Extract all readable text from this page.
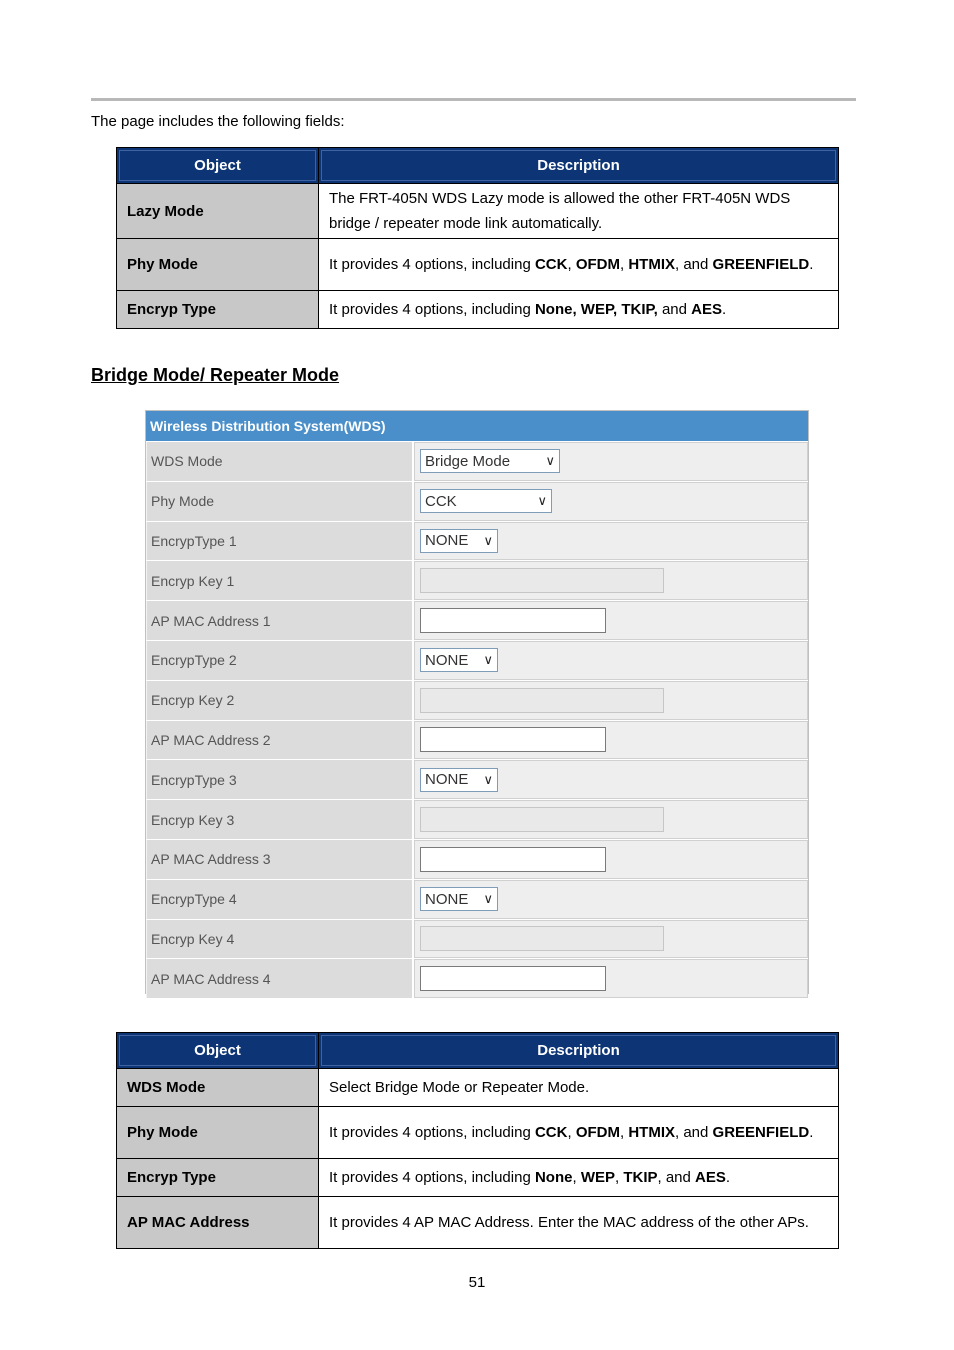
The page includes the following fields:
Object	Description
Lazy Mode	The FRT-405N WDS Lazy mode is allowed the other FRT-405N WDS bridge / repeater mode link automatically.
Phy Mode	It provides 4 options, including CCK, OFDM, HTMIX, and GREENFIELD.
Encryp Type	It provides 4 options, including None, WEP, TKIP, and AES.
Bridge Mode/ Repeater Mode
Wireless Distribution System(WDS)
WDS Mode	Bridge Mode	∨
Phy Mode	CCK	∨
EncrypType 1	NONE ∨
Encryp Key 1
AP MAC Address 1
EncrypType 2	NONE ∨
Encryp Key 2
AP MAC Address 2
EncrypType 3	NONE ∨
Encryp Key 3
AP MAC Address 3
EncrypType 4	NONE ∨
Encryp Key 4
AP MAC Address 4
Object	Description
WDS Mode	Select Bridge Mode or Repeater Mode.
Phy Mode	It provides 4 options, including CCK, OFDM, HTMIX, and GREENFIELD.
Encryp Type	It provides 4 options, including None, WEP, TKIP, and AES.
AP MAC Address	It provides 4 AP MAC Address. Enter the MAC address of the other APs.
51
